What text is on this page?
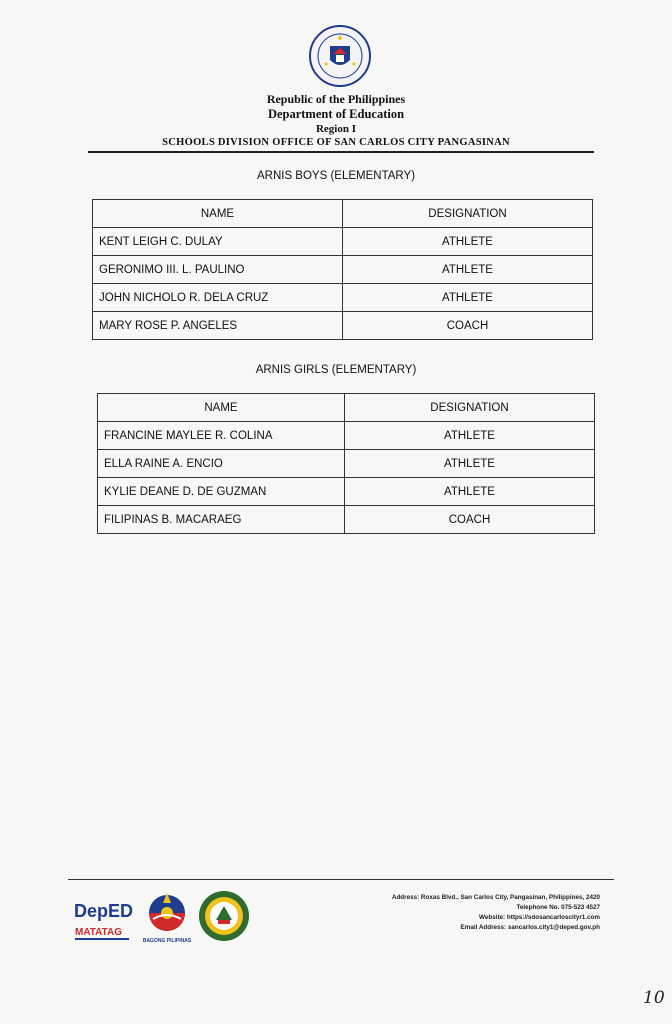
Republic of the Philippines
Department of Education
Region I
SCHOOLS DIVISION OFFICE OF SAN CARLOS CITY PANGASINAN
ARNIS BOYS (ELEMENTARY)
NAME	DESIGNATION
KENT LEIGH C. DULAY	ATHLETE
GERONIMO III. L. PAULINO	ATHLETE
JOHN NICHOLO R. DELA CRUZ	ATHLETE
MARY ROSE P. ANGELES	COACH
ARNIS GIRLS (ELEMENTARY)
NAME	DESIGNATION
FRANCINE MAYLEE R. COLINA	ATHLETE
ELLA RAINE A. ENCIO	ATHLETE
KYLIE DEANE D. DE GUZMAN	ATHLETE
FILIPINAS B. MACARAEG	COACH
DepED
MATATAG
BAGONG PILIPINAS
Address: Roxas Blvd., San Carlos City, Pangasinan, Philippines, 2420
Telephone No. 075-523 4527
Website: https://sdosancarloscityr1.com
Email Address: sancarlos.city1@deped.gov.ph
10
